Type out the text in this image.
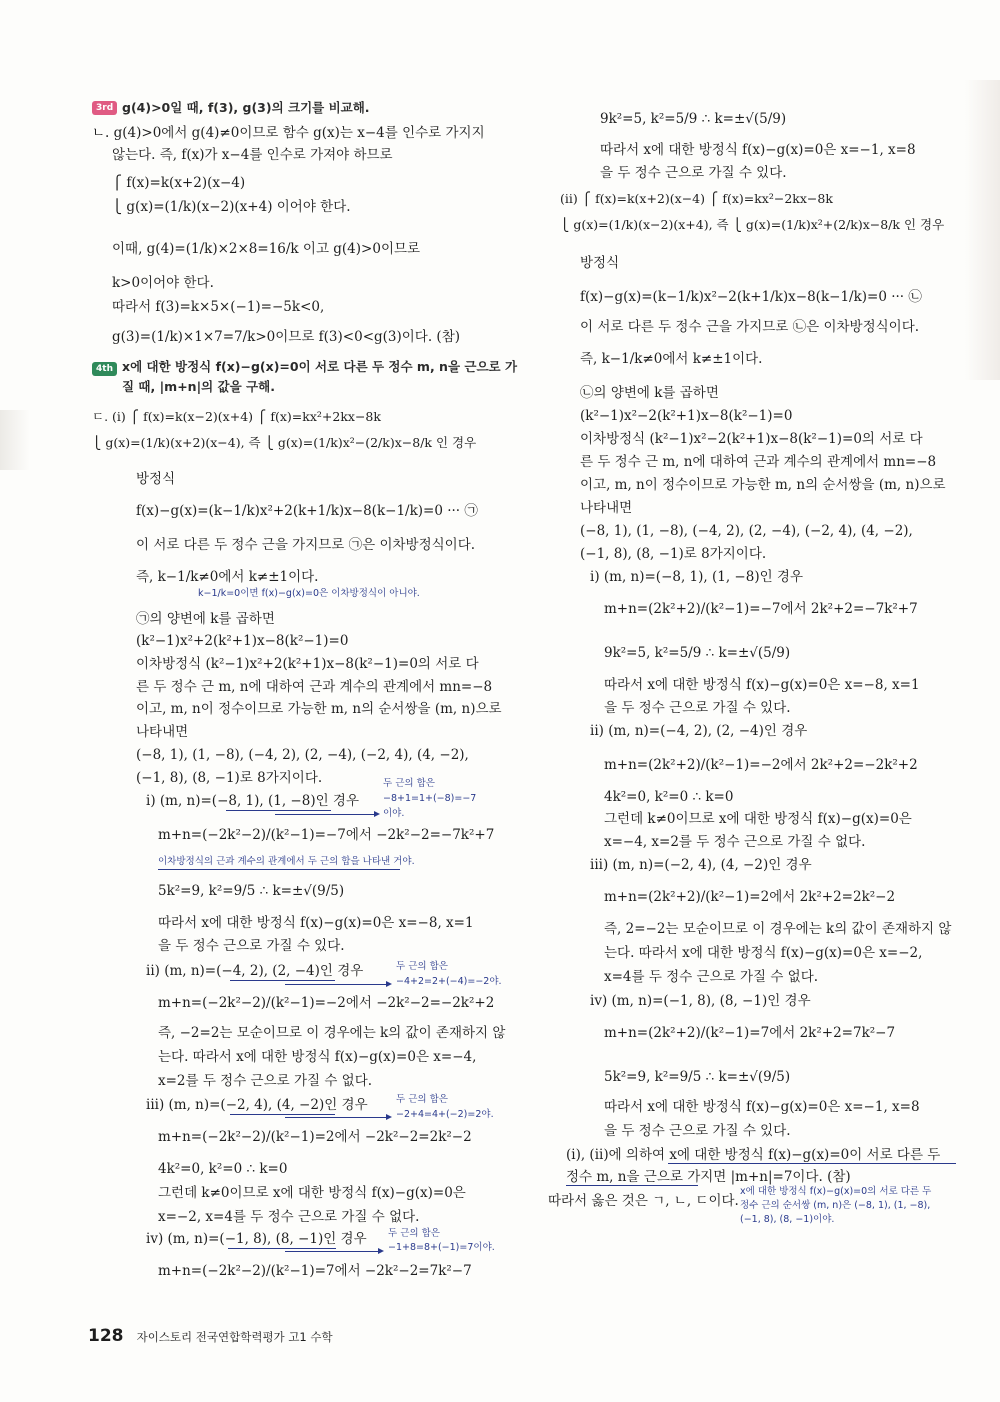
3rd g(4)>0일 때, f(3), g(3)의 크기를 비교해.
ㄴ. g(4)>0에서 g(4)≠0이므로 함수 g(x)는 x−4를 인수로 가지지
않는다. 즉, f(x)가 x−4를 인수로 가져야 하므로
⎧ f(x)=k(x+2)(x−4)
⎩ g(x)=(1/k)(x−2)(x+4) 이어야 한다.
이때, g(4)=(1/k)×2×8=16/k 이고 g(4)>0이므로
k>0이어야 한다.
따라서 f(3)=k×5×(−1)=−5k<0,
g(3)=(1/k)×1×7=7/k>0이므로 f(3)<0<g(3)이다. (참)
4th x에 대한 방정식 f(x)−g(x)=0이 서로 다른 두 정수 m, n을 근으로 가
질 때, |m+n|의 값을 구해.
ㄷ. (i) ⎧ f(x)=k(x−2)(x+4) ⎧ f(x)=kx²+2kx−8k
⎩ g(x)=(1/k)(x+2)(x−4), 즉 ⎩ g(x)=(1/k)x²−(2/k)x−8/k 인 경우
방정식
f(x)−g(x)=(k−1/k)x²+2(k+1/k)x−8(k−1/k)=0 ··· ㉠
이 서로 다른 두 정수 근을 가지므로 ㉠은 이차방정식이다.
즉, k−1/k≠0에서 k≠±1이다.
k−1/k=0이면 f(x)−g(x)=0은 이차방정식이 아니야.
㉠의 양변에 k를 곱하면
(k²−1)x²+2(k²+1)x−8(k²−1)=0
이차방정식 (k²−1)x²+2(k²+1)x−8(k²−1)=0의 서로 다
른 두 정수 근 m, n에 대하여 근과 계수의 관계에서 mn=−8
이고, m, n이 정수이므로 가능한 m, n의 순서쌍을 (m, n)으로
나타내면
(−8, 1), (1, −8), (−4, 2), (2, −4), (−2, 4), (4, −2),
(−1, 8), (8, −1)로 8가지이다.	두 근의 합은
i) (m, n)=(−8, 1), (1, −8)인 경우	−8+1=1+(−8)=−7
이야.
m+n=(−2k²−2)/(k²−1)=−7에서 −2k²−2=−7k²+7
이차방정식의 근과 계수의 관계에서 두 근의 합을 나타낸 거야.
5k²=9, k²=9/5 ∴ k=±√(9/5)
따라서 x에 대한 방정식 f(x)−g(x)=0은 x=−8, x=1
을 두 정수 근으로 가질 수 있다.
두 근의 합은
ii) (m, n)=(−4, 2), (2, −4)인 경우
−4+2=2+(−4)=−2야.
m+n=(−2k²−2)/(k²−1)=−2에서 −2k²−2=−2k²+2
즉, −2=2는 모순이므로 이 경우에는 k의 값이 존재하지 않
는다. 따라서 x에 대한 방정식 f(x)−g(x)=0은 x=−4,
x=2를 두 정수 근으로 가질 수 없다.
두 근의 합은
iii) (m, n)=(−2, 4), (4, −2)인 경우
−2+4=4+(−2)=2야.
m+n=(−2k²−2)/(k²−1)=2에서 −2k²−2=2k²−2
4k²=0, k²=0 ∴ k=0
그런데 k≠0이므로 x에 대한 방정식 f(x)−g(x)=0은
x=−2, x=4를 두 정수 근으로 가질 수 없다.
두 근의 합은
iv) (m, n)=(−1, 8), (8, −1)인 경우
−1+8=8+(−1)=7이야.
m+n=(−2k²−2)/(k²−1)=7에서 −2k²−2=7k²−7
9k²=5, k²=5/9 ∴ k=±√(5/9)
따라서 x에 대한 방정식 f(x)−g(x)=0은 x=−1, x=8
을 두 정수 근으로 가질 수 있다.
(ii) ⎧ f(x)=k(x+2)(x−4) ⎧ f(x)=kx²−2kx−8k
⎩ g(x)=(1/k)(x−2)(x+4), 즉 ⎩ g(x)=(1/k)x²+(2/k)x−8/k 인 경우
방정식
f(x)−g(x)=(k−1/k)x²−2(k+1/k)x−8(k−1/k)=0 ··· ㉡
이 서로 다른 두 정수 근을 가지므로 ㉡은 이차방정식이다.
즉, k−1/k≠0에서 k≠±1이다.
㉡의 양변에 k를 곱하면
(k²−1)x²−2(k²+1)x−8(k²−1)=0
이차방정식 (k²−1)x²−2(k²+1)x−8(k²−1)=0의 서로 다
른 두 정수 근 m, n에 대하여 근과 계수의 관계에서 mn=−8
이고, m, n이 정수이므로 가능한 m, n의 순서쌍을 (m, n)으로
나타내면
(−8, 1), (1, −8), (−4, 2), (2, −4), (−2, 4), (4, −2),
(−1, 8), (8, −1)로 8가지이다.
i) (m, n)=(−8, 1), (1, −8)인 경우
m+n=(2k²+2)/(k²−1)=−7에서 2k²+2=−7k²+7
9k²=5, k²=5/9 ∴ k=±√(5/9)
따라서 x에 대한 방정식 f(x)−g(x)=0은 x=−8, x=1
을 두 정수 근으로 가질 수 있다.
ii) (m, n)=(−4, 2), (2, −4)인 경우
m+n=(2k²+2)/(k²−1)=−2에서 2k²+2=−2k²+2
4k²=0, k²=0 ∴ k=0
그런데 k≠0이므로 x에 대한 방정식 f(x)−g(x)=0은
x=−4, x=2를 두 정수 근으로 가질 수 없다.
iii) (m, n)=(−2, 4), (4, −2)인 경우
m+n=(2k²+2)/(k²−1)=2에서 2k²+2=2k²−2
즉, 2=−2는 모순이므로 이 경우에는 k의 값이 존재하지 않
는다. 따라서 x에 대한 방정식 f(x)−g(x)=0은 x=−2,
x=4를 두 정수 근으로 가질 수 없다.
iv) (m, n)=(−1, 8), (8, −1)인 경우
m+n=(2k²+2)/(k²−1)=7에서 2k²+2=7k²−7
5k²=9, k²=9/5 ∴ k=±√(9/5)
따라서 x에 대한 방정식 f(x)−g(x)=0은 x=−1, x=8
을 두 정수 근으로 가질 수 있다.
(i), (ii)에 의하여 x에 대한 방정식 f(x)−g(x)=0이 서로 다른 두
정수 m, n을 근으로 가지면 |m+n|=7이다. (참)
따라서 옳은 것은 ㄱ, ㄴ, ㄷ이다.
x에 대한 방정식 f(x)−g(x)=0의 서로 다른 두
정수 근의 순서쌍 (m, n)은 (−8, 1), (1, −8),
(−1, 8), (8, −1)이야.
128 자이스토리 전국연합학력평가 고1 수학
